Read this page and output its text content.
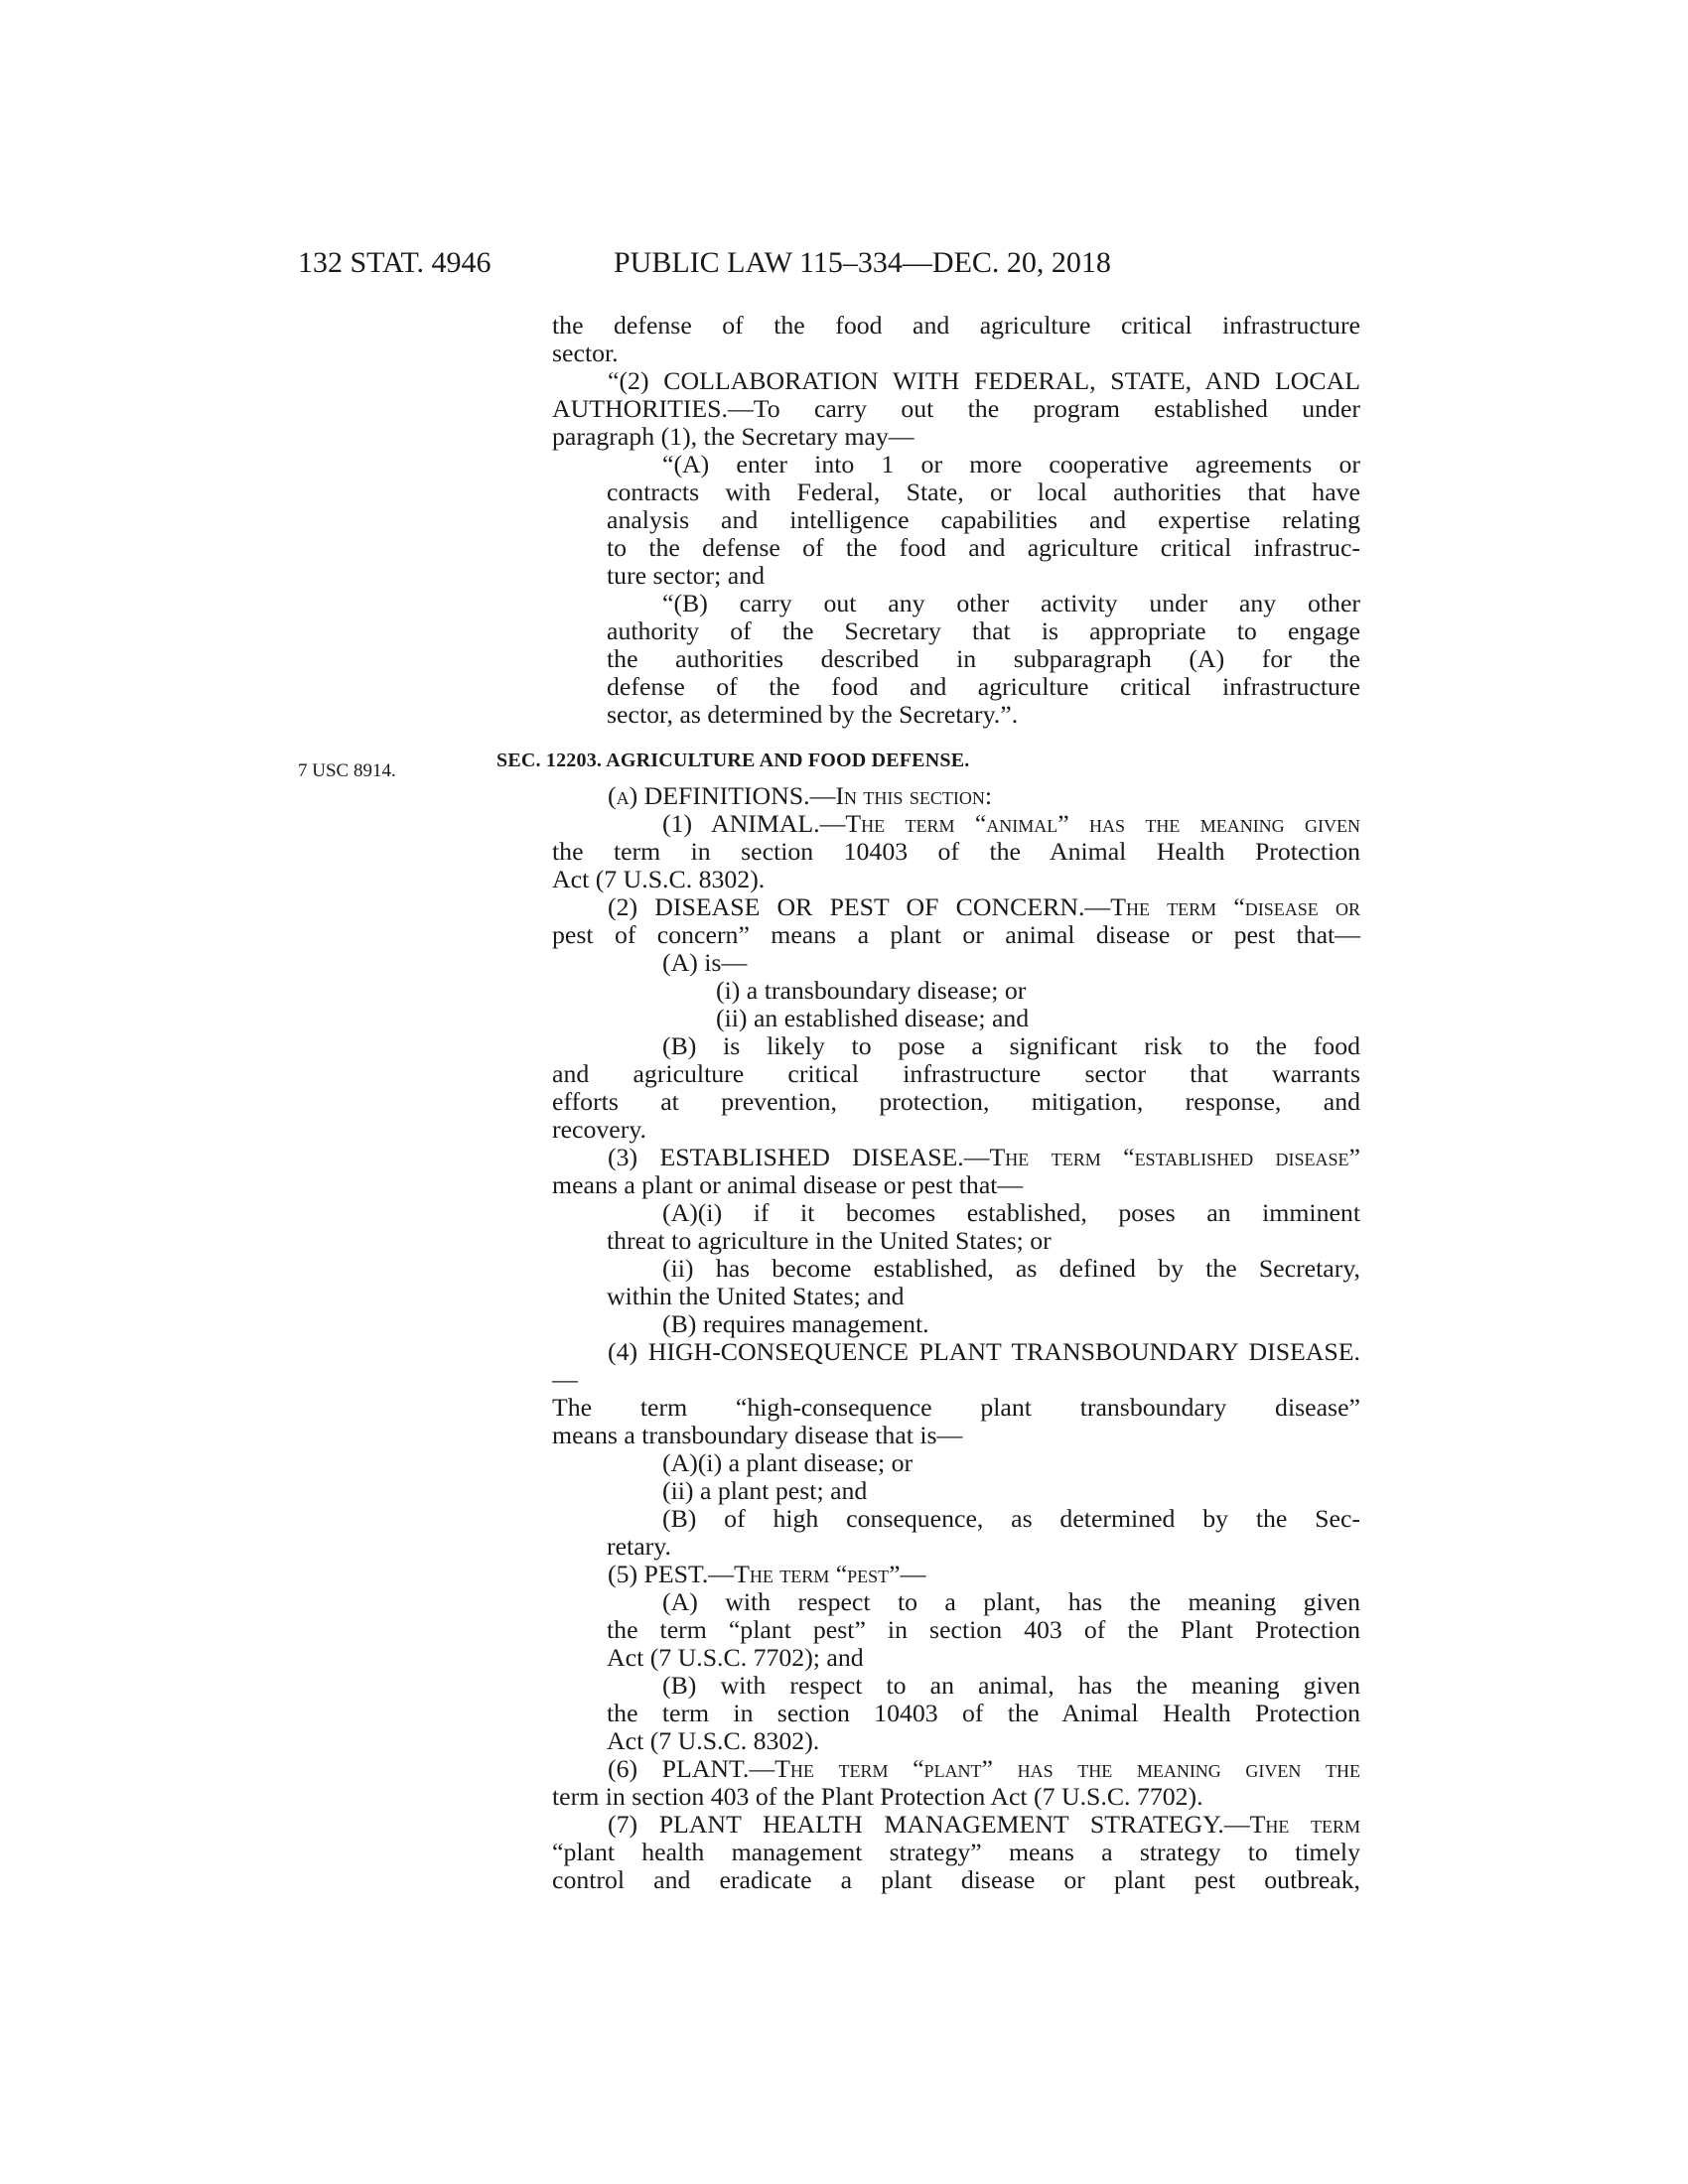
132 STAT. 4946	PUBLIC LAW 115–334—DEC. 20, 2018
7 USC 8914.
the defense of the food and agriculture critical infrastructure
sector.
“(2) COLLABORATION WITH FEDERAL, STATE, AND LOCAL
AUTHORITIES.—To carry out the program established under
paragraph (1), the Secretary may—
“(A) enter into 1 or more cooperative agreements or
contracts with Federal, State, or local authorities that have
analysis and intelligence capabilities and expertise relating
to the defense of the food and agriculture critical infrastruc-
ture sector; and
“(B) carry out any other activity under any other
authority of the Secretary that is appropriate to engage
the authorities described in subparagraph (A) for the
defense of the food and agriculture critical infrastructure
sector, as determined by the Secretary.”.
SEC. 12203. AGRICULTURE AND FOOD DEFENSE.
(a) DEFINITIONS.—In this section:
(1) ANIMAL.—The term “animal” has the meaning given
the term in section 10403 of the Animal Health Protection
Act (7 U.S.C. 8302).
(2) DISEASE OR PEST OF CONCERN.—The term “disease or
pest of concern” means a plant or animal disease or pest that—
(A) is—
(i) a transboundary disease; or
(ii) an established disease; and
(B) is likely to pose a significant risk to the food
and agriculture critical infrastructure sector that warrants
efforts at prevention, protection, mitigation, response, and
recovery.
(3) ESTABLISHED DISEASE.—The term “established disease”
means a plant or animal disease or pest that—
(A)(i) if it becomes established, poses an imminent
threat to agriculture in the United States; or
(ii) has become established, as defined by the Secretary,
within the United States; and
(B) requires management.
(4) HIGH-CONSEQUENCE PLANT TRANSBOUNDARY DISEASE.—
The term “high-consequence plant transboundary disease”
means a transboundary disease that is—
(A)(i) a plant disease; or
(ii) a plant pest; and
(B) of high consequence, as determined by the Sec-
retary.
(5) PEST.—The term “pest”—
(A) with respect to a plant, has the meaning given
the term “plant pest” in section 403 of the Plant Protection
Act (7 U.S.C. 7702); and
(B) with respect to an animal, has the meaning given
the term in section 10403 of the Animal Health Protection
Act (7 U.S.C. 8302).
(6) PLANT.—The term “plant” has the meaning given the
term in section 403 of the Plant Protection Act (7 U.S.C. 7702).
(7) PLANT HEALTH MANAGEMENT STRATEGY.—The term
“plant health management strategy” means a strategy to timely
control and eradicate a plant disease or plant pest outbreak,
